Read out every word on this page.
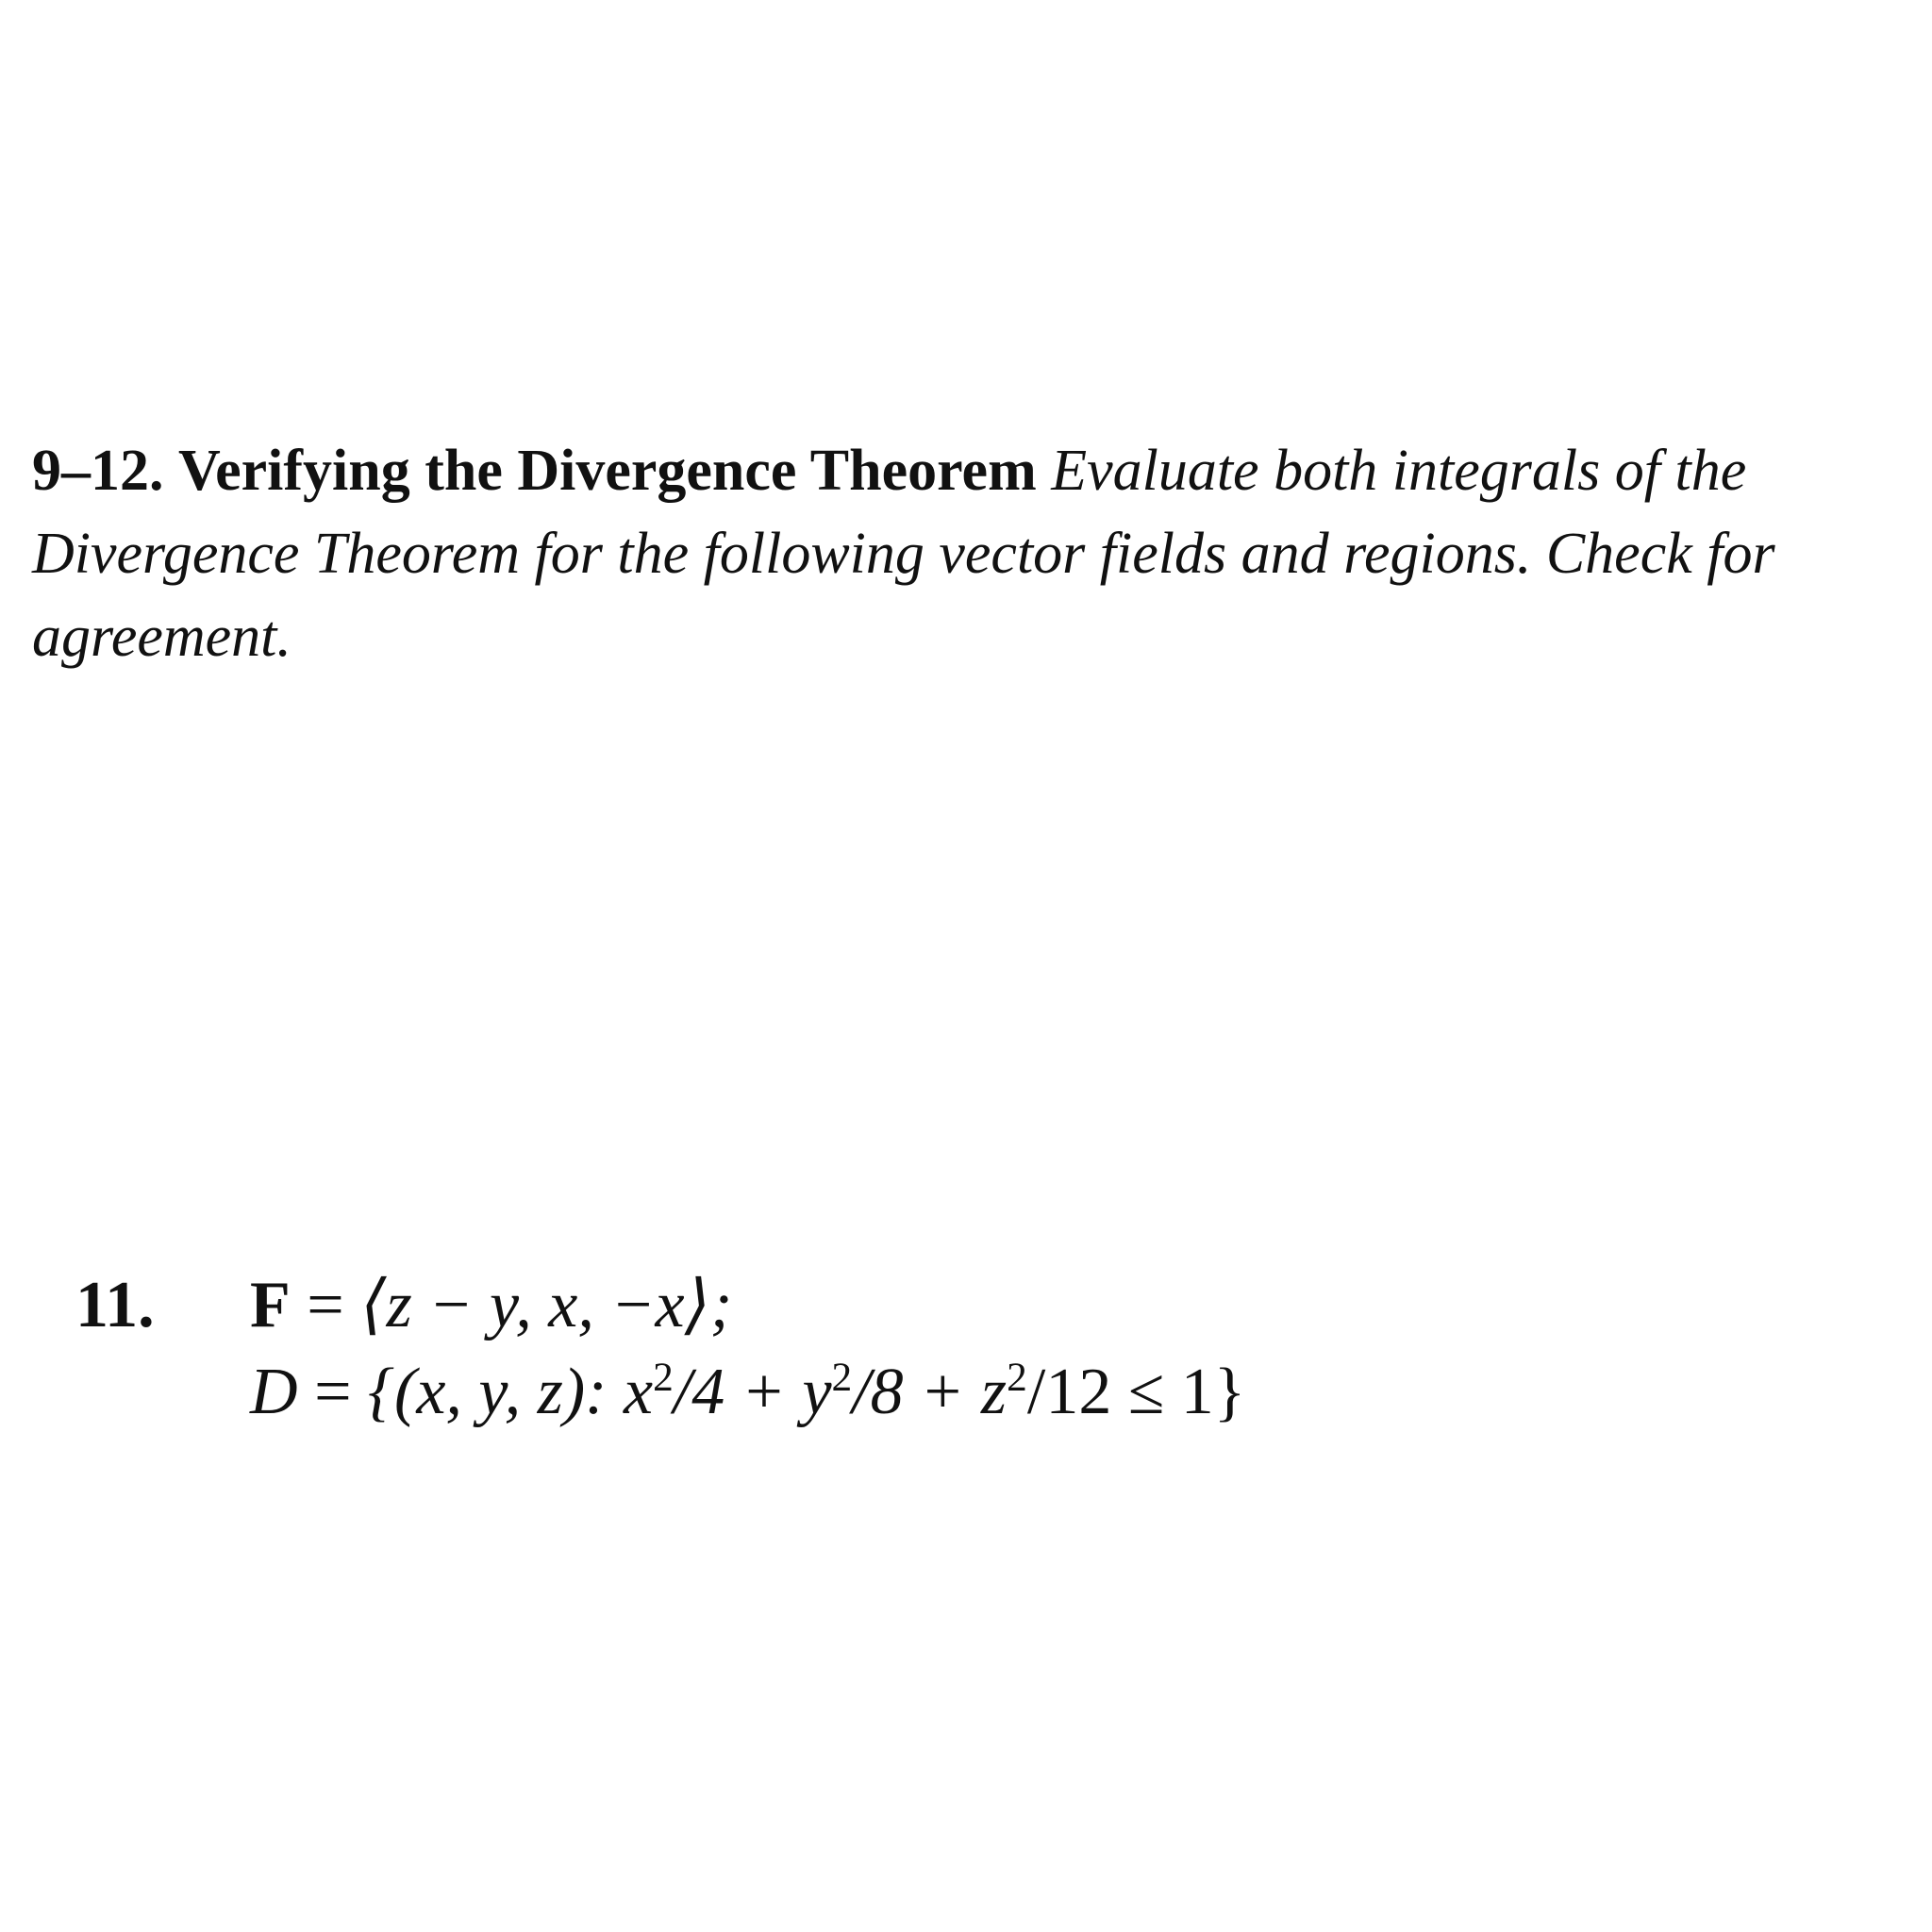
9–12. Verifying the Divergence Theorem Evaluate both integrals of the Divergence Theorem for the following vector fields and regions. Check for agreement.

11. F = ⟨z − y, x, −x⟩;
D = {(x, y, z): $x^2/4 + y^2/8 + z^2/12 \le 1$}
